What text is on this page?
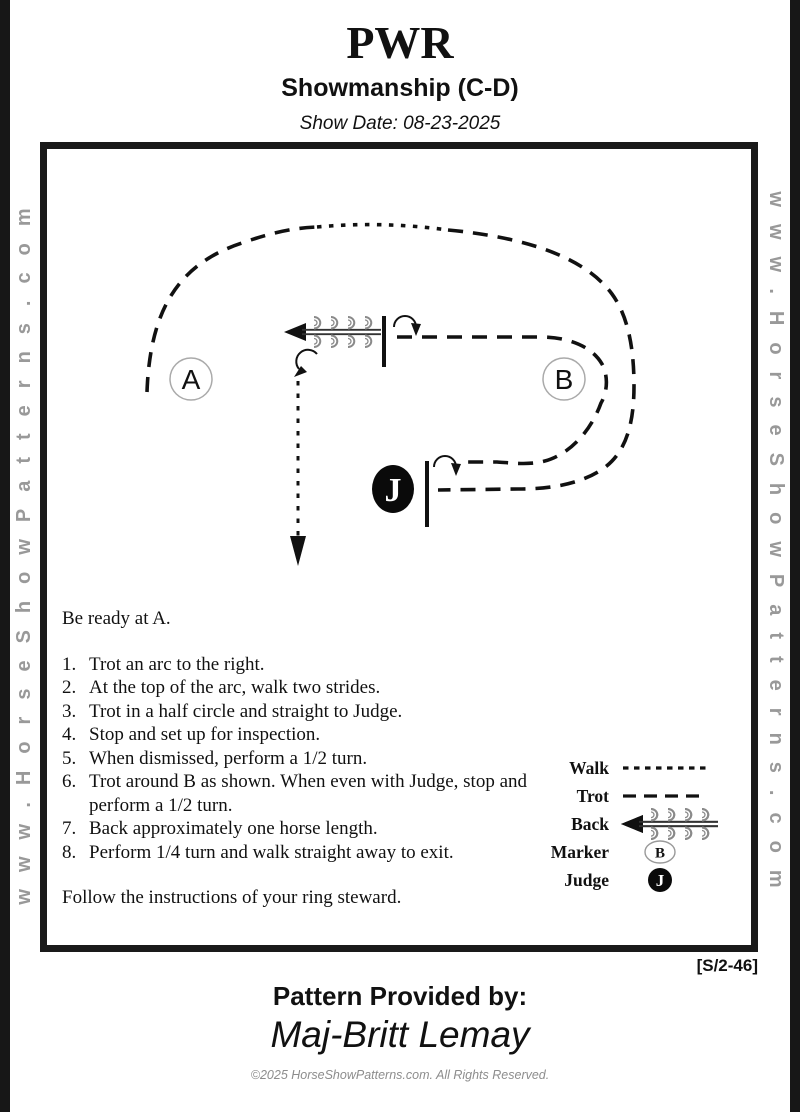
www.HorseShowPatterns.com	www.HorseShowPatterns.com
PWR
Showmanship (C-D)
Show Date: 08-23-2025
A	B
J
Be ready at A.
1. Trot an arc to the right.
2. At the top of the arc, walk two strides.
3. Trot in a half circle and straight to Judge.
4. Stop and set up for inspection.
5. When dismissed, perform a 1/2 turn.
6. Trot around B as shown. When even with Judge, stop and perform a 1/2 turn.
7. Back approximately one horse length.
8. Perform 1/4 turn and walk straight away to exit.
Follow the instructions of your ring steward.
Walk
Trot
Back
Marker	B
Judge	J
[S/2-46]
Pattern Provided by:
Maj-Britt Lemay
©2025 HorseShowPatterns.com. All Rights Reserved.
